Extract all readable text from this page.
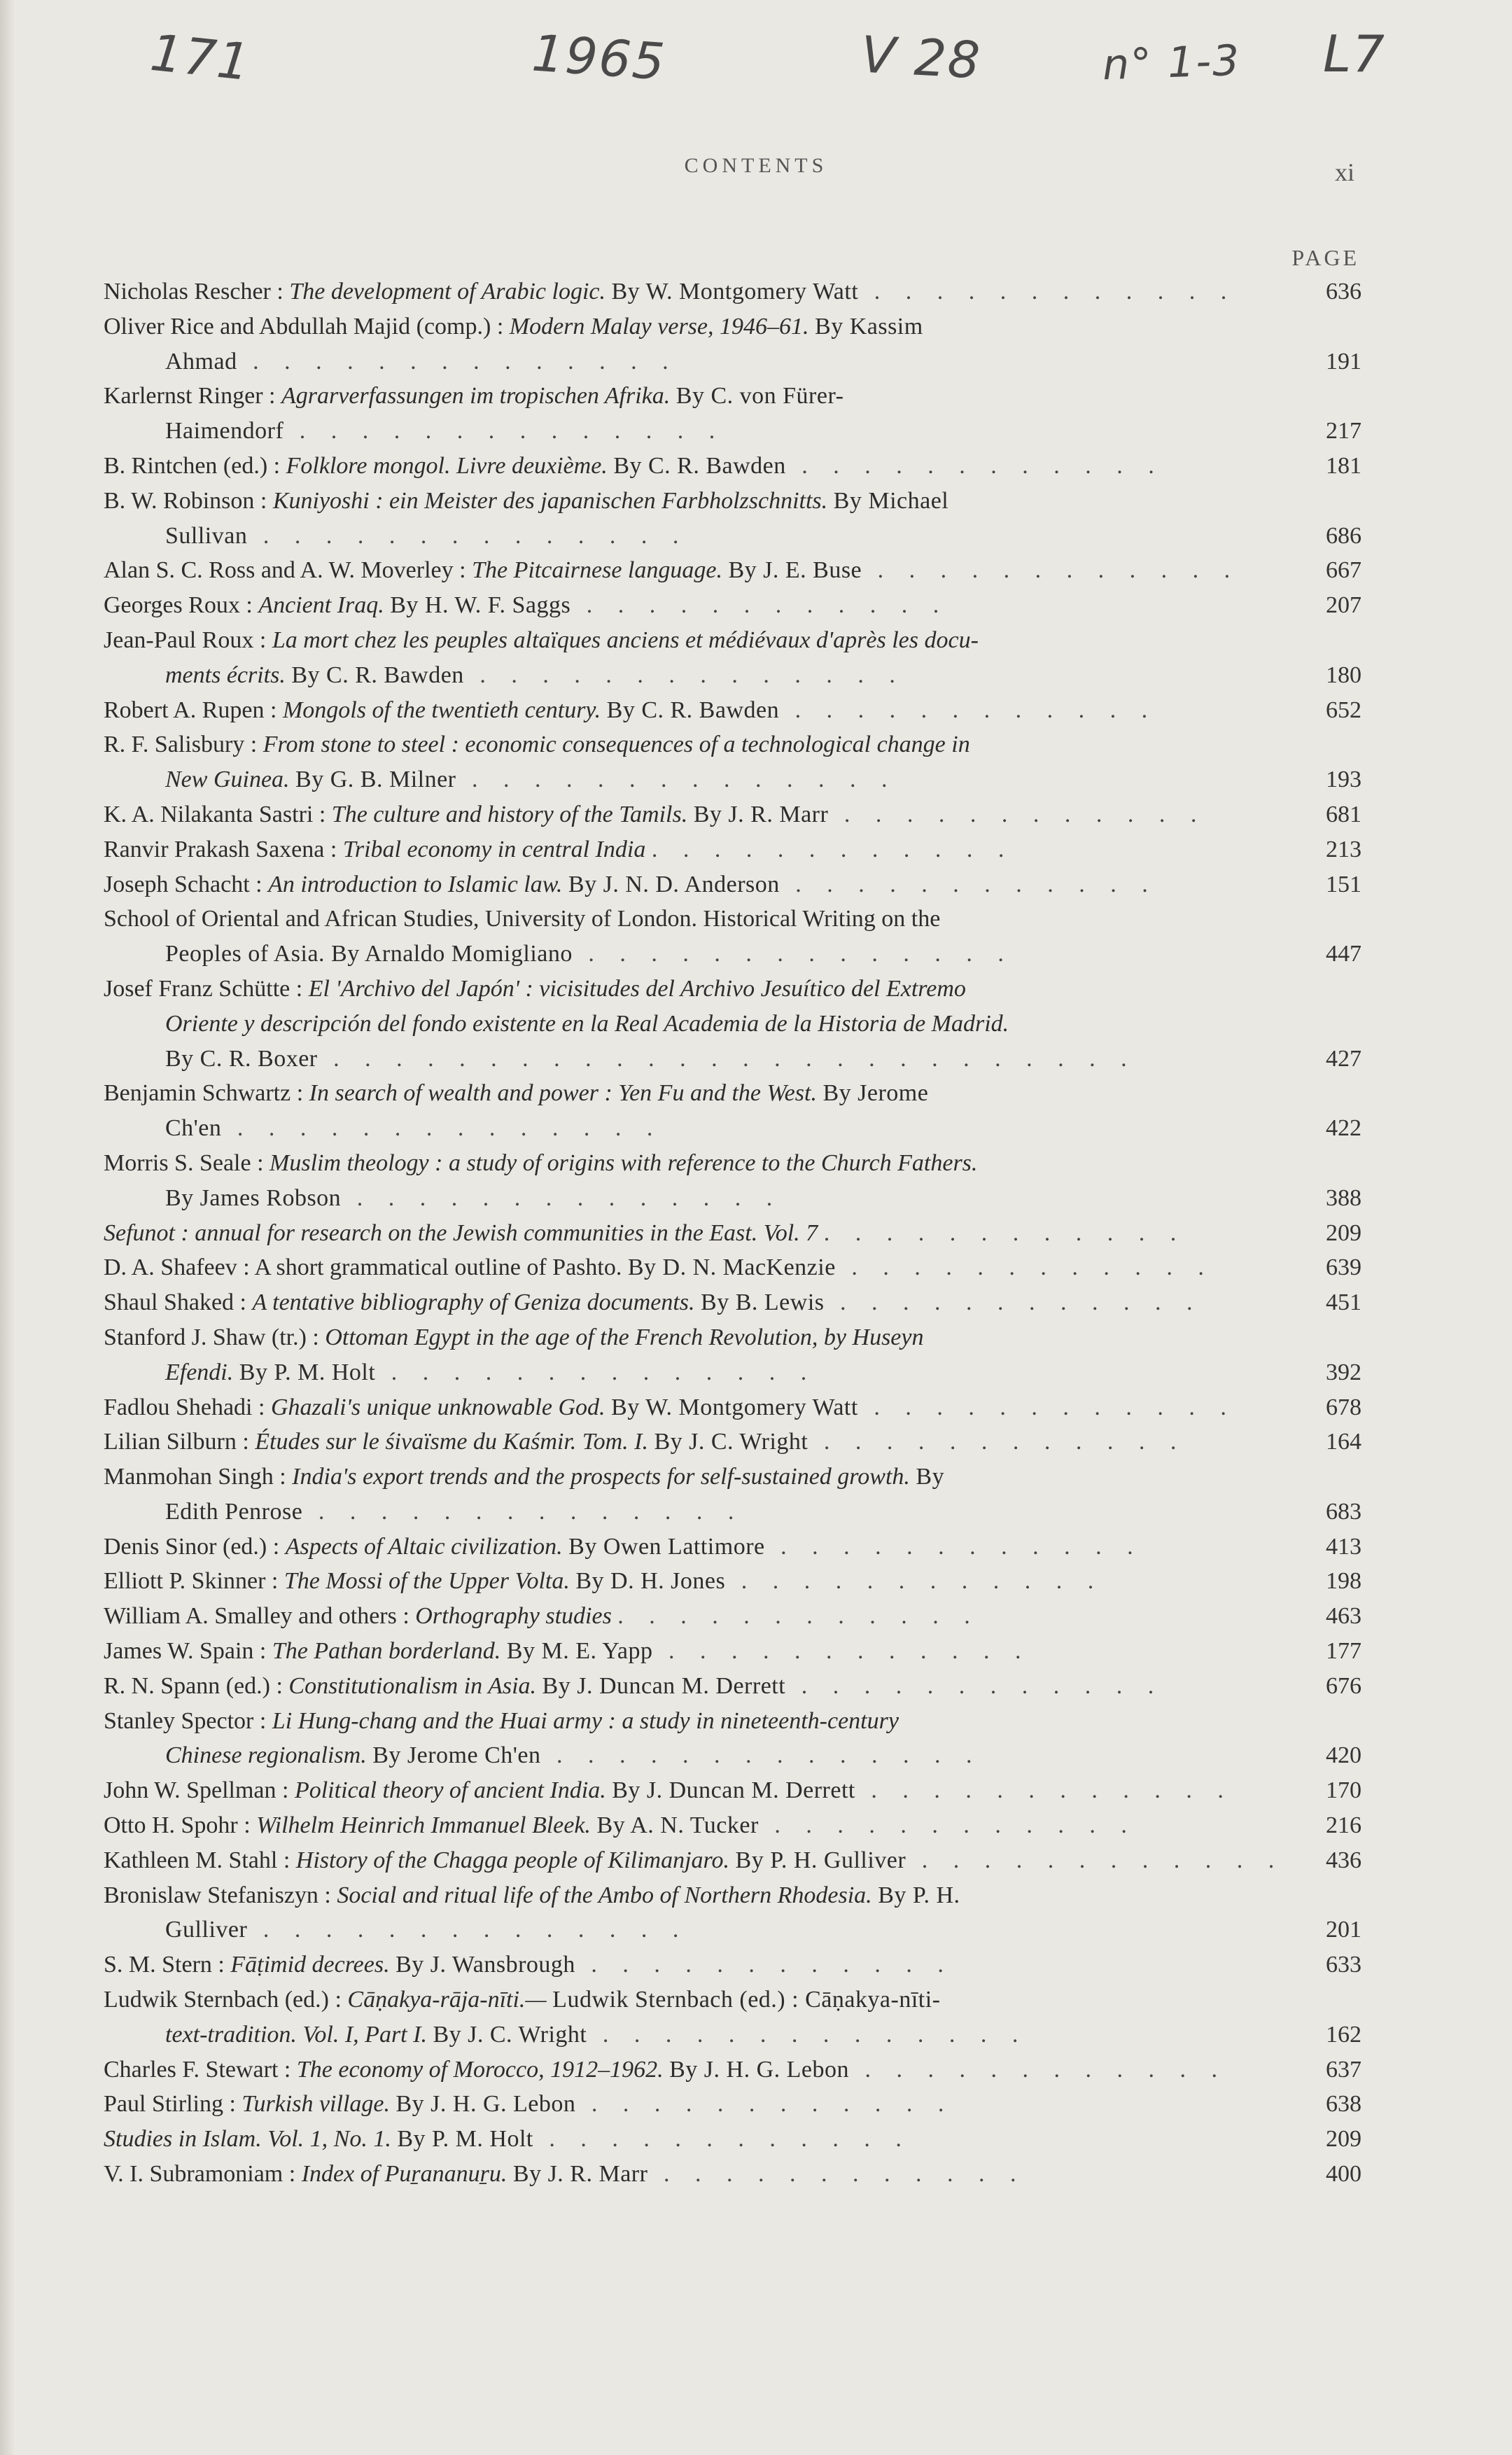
171	1965	V 28	n° 1-3 L7
CONTENTS	xi
PAGE
Nicholas Rescher : The development of Arabic logic. By W. Montgomery Watt . . . . . . . . . . . .	636
Oliver Rice and Abdullah Majid (comp.) : Modern Malay verse, 1946–61. By Kassim
Ahmad . . . . . . . . . . . . . .	191
Karlernst Ringer : Agrarverfassungen im tropischen Afrika. By C. von Fürer-
Haimendorf . . . . . . . . . . . . . .	217
B. Rintchen (ed.) : Folklore mongol. Livre deuxième. By C. R. Bawden . . . . . . . . . . . .	181
B. W. Robinson : Kuniyoshi : ein Meister des japanischen Farbholzschnitts. By Michael
Sullivan . . . . . . . . . . . . . .	686
Alan S. C. Ross and A. W. Moverley : The Pitcairnese language. By J. E. Buse . . . . . . . . . . . .	667
Georges Roux : Ancient Iraq. By H. W. F. Saggs . . . . . . . . . . . .	207
Jean-Paul Roux : La mort chez les peuples altaïques anciens et médiévaux d'après les docu-
ments écrits. By C. R. Bawden . . . . . . . . . . . . . .	180
Robert A. Rupen : Mongols of the twentieth century. By C. R. Bawden . . . . . . . . . . . .	652
R. F. Salisbury : From stone to steel : economic consequences of a technological change in
New Guinea. By G. B. Milner . . . . . . . . . . . . . .	193
K. A. Nilakanta Sastri : The culture and history of the Tamils. By J. R. Marr . . . . . . . . . . . .	681
Ranvir Prakash Saxena : Tribal economy in central India . . . . . . . . . . . .	213
Joseph Schacht : An introduction to Islamic law. By J. N. D. Anderson . . . . . . . . . . . .	151
School of Oriental and African Studies, University of London. Historical Writing on the
Peoples of Asia. By Arnaldo Momigliano . . . . . . . . . . . . . .	447
Josef Franz Schütte : El 'Archivo del Japón' : vicisitudes del Archivo Jesuítico del Extremo
Oriente y descripción del fondo existente en la Real Academia de la Historia de Madrid.
By C. R. Boxer . . . . . . . . . . . . . . . . . . . . . . . . . .	427
Benjamin Schwartz : In search of wealth and power : Yen Fu and the West. By Jerome
Ch'en . . . . . . . . . . . . . .	422
Morris S. Seale : Muslim theology : a study of origins with reference to the Church Fathers.
By James Robson . . . . . . . . . . . . . .	388
Sefunot : annual for research on the Jewish communities in the East. Vol. 7 . . . . . . . . . . . .	209
D. A. Shafeev : A short grammatical outline of Pashto. By D. N. MacKenzie . . . . . . . . . . . .	639
Shaul Shaked : A tentative bibliography of Geniza documents. By B. Lewis . . . . . . . . . . . .	451
Stanford J. Shaw (tr.) : Ottoman Egypt in the age of the French Revolution, by Huseyn
Efendi. By P. M. Holt . . . . . . . . . . . . . .	392
Fadlou Shehadi : Ghazali's unique unknowable God. By W. Montgomery Watt . . . . . . . . . . . .	678
Lilian Silburn : Études sur le śivaïsme du Kaśmir. Tom. I. By J. C. Wright . . . . . . . . . . . .	164
Manmohan Singh : India's export trends and the prospects for self-sustained growth. By
Edith Penrose . . . . . . . . . . . . . .	683
Denis Sinor (ed.) : Aspects of Altaic civilization. By Owen Lattimore . . . . . . . . . . . .	413
Elliott P. Skinner : The Mossi of the Upper Volta. By D. H. Jones . . . . . . . . . . . .	198
William A. Smalley and others : Orthography studies . . . . . . . . . . . .	463
James W. Spain : The Pathan borderland. By M. E. Yapp . . . . . . . . . . . .	177
R. N. Spann (ed.) : Constitutionalism in Asia. By J. Duncan M. Derrett . . . . . . . . . . . .	676
Stanley Spector : Li Hung-chang and the Huai army : a study in nineteenth-century
Chinese regionalism. By Jerome Ch'en . . . . . . . . . . . . . .	420
John W. Spellman : Political theory of ancient India. By J. Duncan M. Derrett . . . . . . . . . . . .	170
Otto H. Spohr : Wilhelm Heinrich Immanuel Bleek. By A. N. Tucker . . . . . . . . . . . .	216
Kathleen M. Stahl : History of the Chagga people of Kilimanjaro. By P. H. Gulliver . . . . . . . . . . . .	436
Bronislaw Stefaniszyn : Social and ritual life of the Ambo of Northern Rhodesia. By P. H.
Gulliver . . . . . . . . . . . . . .	201
S. M. Stern : Fāṭimid decrees. By J. Wansbrough . . . . . . . . . . . .	633
Ludwik Sternbach (ed.) : Cāṇakya-rāja-nīti.— Ludwik Sternbach (ed.) : Cāṇakya-nīti-
text-tradition. Vol. I, Part I. By J. C. Wright . . . . . . . . . . . . . .	162
Charles F. Stewart : The economy of Morocco, 1912–1962. By J. H. G. Lebon . . . . . . . . . . . .	637
Paul Stirling : Turkish village. By J. H. G. Lebon . . . . . . . . . . . .	638
Studies in Islam. Vol. 1, No. 1. By P. M. Holt . . . . . . . . . . . .	209
V. I. Subramoniam : Index of Puṟananuṟu. By J. R. Marr . . . . . . . . . . . .	400
